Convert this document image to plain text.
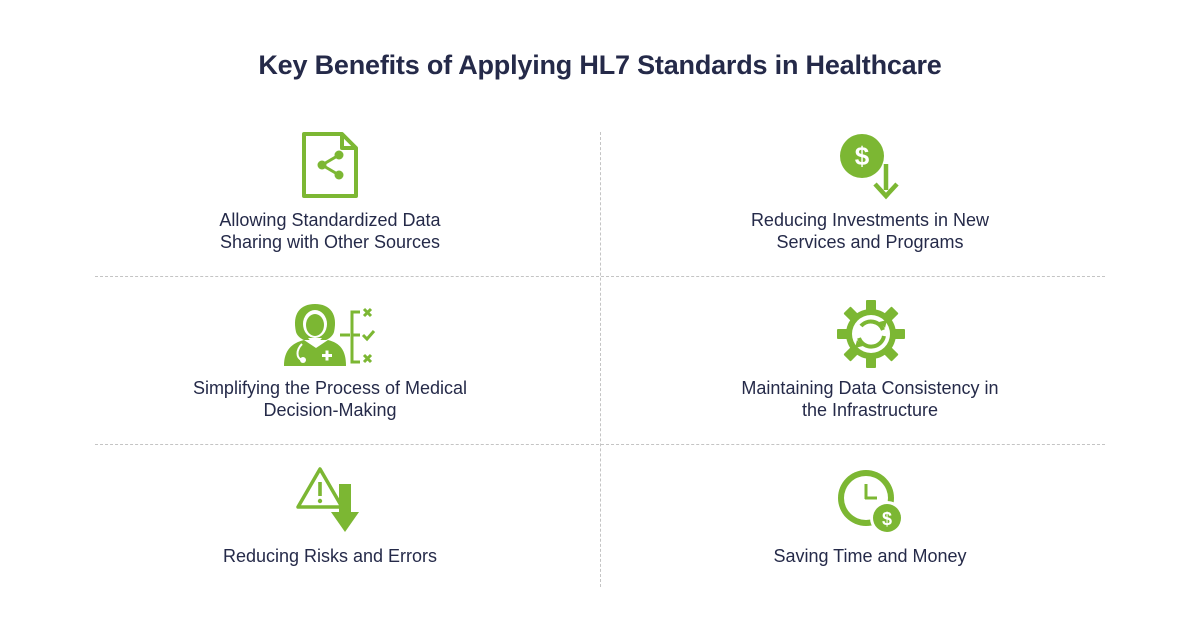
Key Benefits of Applying HL7 Standards in Healthcare
Allowing Standardized Data
Sharing with Other Sources
$
Reducing Investments in New
Services and Programs
Simplifying the Process of Medical
Decision-Making
Maintaining Data Consistency in
the Infrastructure
Reducing Risks and Errors
$
Saving Time and Money
